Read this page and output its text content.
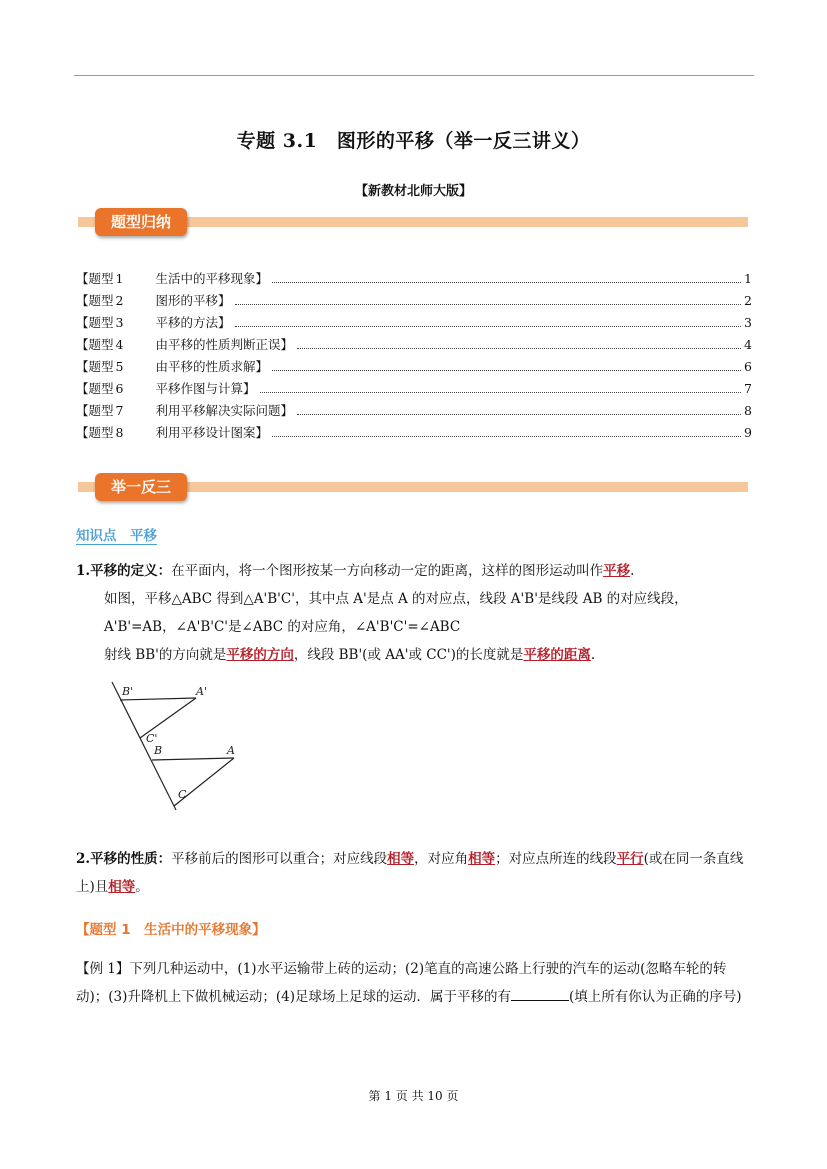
专题 3.1　图形的平移（举一反三讲义）
【新教材北师大版】
题型归纳
【题型 1	生活中的平移现象】	1
【题型 2	图形的平移】	2
【题型 3	平移的方法】	3
【题型 4	由平移的性质判断正误】	4
【题型 5	由平移的性质求解】	6
【题型 6	平移作图与计算】	7
【题型 7	利用平移解决实际问题】	8
【题型 8	利用平移设计图案】	9
举一反三
知识点　平移
1.平移的定义：在平面内，将一个图形按某一方向移动一定的距离，这样的图形运动叫作平移.
如图，平移△ABC 得到△A'B'C'，其中点 A'是点 A 的对应点，线段 A'B'是线段 AB 的对应线段，A'B'=AB，∠A'B'C'是∠ABC 的对应角，∠A'B'C'=∠ABC
射线 BB'的方向就是平移的方向，线段 BB'(或 AA'或 CC')的长度就是平移的距离.
B'	A'
C'
B	A
C
2.平移的性质：平移前后的图形可以重合；对应线段相等，对应角相等；对应点所连的线段平行(或在同一条直线上)且相等。
【题型 1　生活中的平移现象】
【例 1】下列几种运动中，(1)水平运输带上砖的运动；(2)笔直的高速公路上行驶的汽车的运动(忽略车轮的转动)；(3)升降机上下做机械运动；(4)足球场上足球的运动．属于平移的有	(填上所有你认为正确的序号)
第 1 页 共 10 页
